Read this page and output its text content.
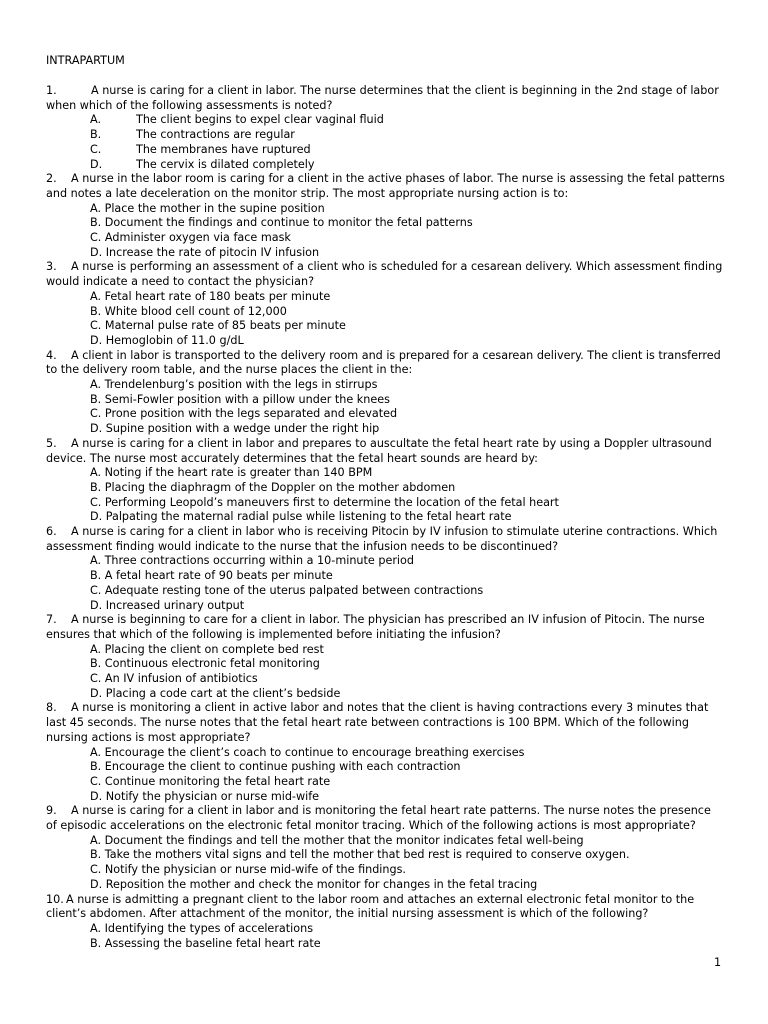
INTRAPARTUM
1
1.	A nurse is caring for a client in labor. The nurse determines that the client is beginning in the 2nd stage of labor
when which of the following assessments is noted?
A.	The client begins to expel clear vaginal fluid
B.	The contractions are regular
C.	The membranes have ruptured
D.	The cervix is dilated completely
2. A nurse in the labor room is caring for a client in the active phases of labor. The nurse is assessing the fetal patterns
and notes a late deceleration on the monitor strip. The most appropriate nursing action is to:
A. Place the mother in the supine position
B. Document the findings and continue to monitor the fetal patterns
C. Administer oxygen via face mask
D. Increase the rate of pitocin IV infusion
3. A nurse is performing an assessment of a client who is scheduled for a cesarean delivery. Which assessment finding
would indicate a need to contact the physician?
A. Fetal heart rate of 180 beats per minute
B. White blood cell count of 12,000
C. Maternal pulse rate of 85 beats per minute
D. Hemoglobin of 11.0 g/dL
4. A client in labor is transported to the delivery room and is prepared for a cesarean delivery. The client is transferred
to the delivery room table, and the nurse places the client in the:
A. Trendelenburg’s position with the legs in stirrups
B. Semi-Fowler position with a pillow under the knees
C. Prone position with the legs separated and elevated
D. Supine position with a wedge under the right hip
5. A nurse is caring for a client in labor and prepares to auscultate the fetal heart rate by using a Doppler ultrasound
device. The nurse most accurately determines that the fetal heart sounds are heard by:
A. Noting if the heart rate is greater than 140 BPM
B. Placing the diaphragm of the Doppler on the mother abdomen
C. Performing Leopold’s maneuvers first to determine the location of the fetal heart
D. Palpating the maternal radial pulse while listening to the fetal heart rate
6. A nurse is caring for a client in labor who is receiving Pitocin by IV infusion to stimulate uterine contractions. Which
assessment finding would indicate to the nurse that the infusion needs to be discontinued?
A. Three contractions occurring within a 10-minute period
B. A fetal heart rate of 90 beats per minute
C. Adequate resting tone of the uterus palpated between contractions
D. Increased urinary output
7. A nurse is beginning to care for a client in labor. The physician has prescribed an IV infusion of Pitocin. The nurse
ensures that which of the following is implemented before initiating the infusion?
A. Placing the client on complete bed rest
B. Continuous electronic fetal monitoring
C. An IV infusion of antibiotics
D. Placing a code cart at the client’s bedside
8. A nurse is monitoring a client in active labor and notes that the client is having contractions every 3 minutes that
last 45 seconds. The nurse notes that the fetal heart rate between contractions is 100 BPM. Which of the following
nursing actions is most appropriate?
A. Encourage the client’s coach to continue to encourage breathing exercises
B. Encourage the client to continue pushing with each contraction
C. Continue monitoring the fetal heart rate
D. Notify the physician or nurse mid-wife
9. A nurse is caring for a client in labor and is monitoring the fetal heart rate patterns. The nurse notes the presence
of episodic accelerations on the electronic fetal monitor tracing. Which of the following actions is most appropriate?
A. Document the findings and tell the mother that the monitor indicates fetal well-being
B. Take the mothers vital signs and tell the mother that bed rest is required to conserve oxygen.
C. Notify the physician or nurse mid-wife of the findings.
D. Reposition the mother and check the monitor for changes in the fetal tracing
10. A nurse is admitting a pregnant client to the labor room and attaches an external electronic fetal monitor to the
client’s abdomen. After attachment of the monitor, the initial nursing assessment is which of the following?
A. Identifying the types of accelerations
B. Assessing the baseline fetal heart rate
